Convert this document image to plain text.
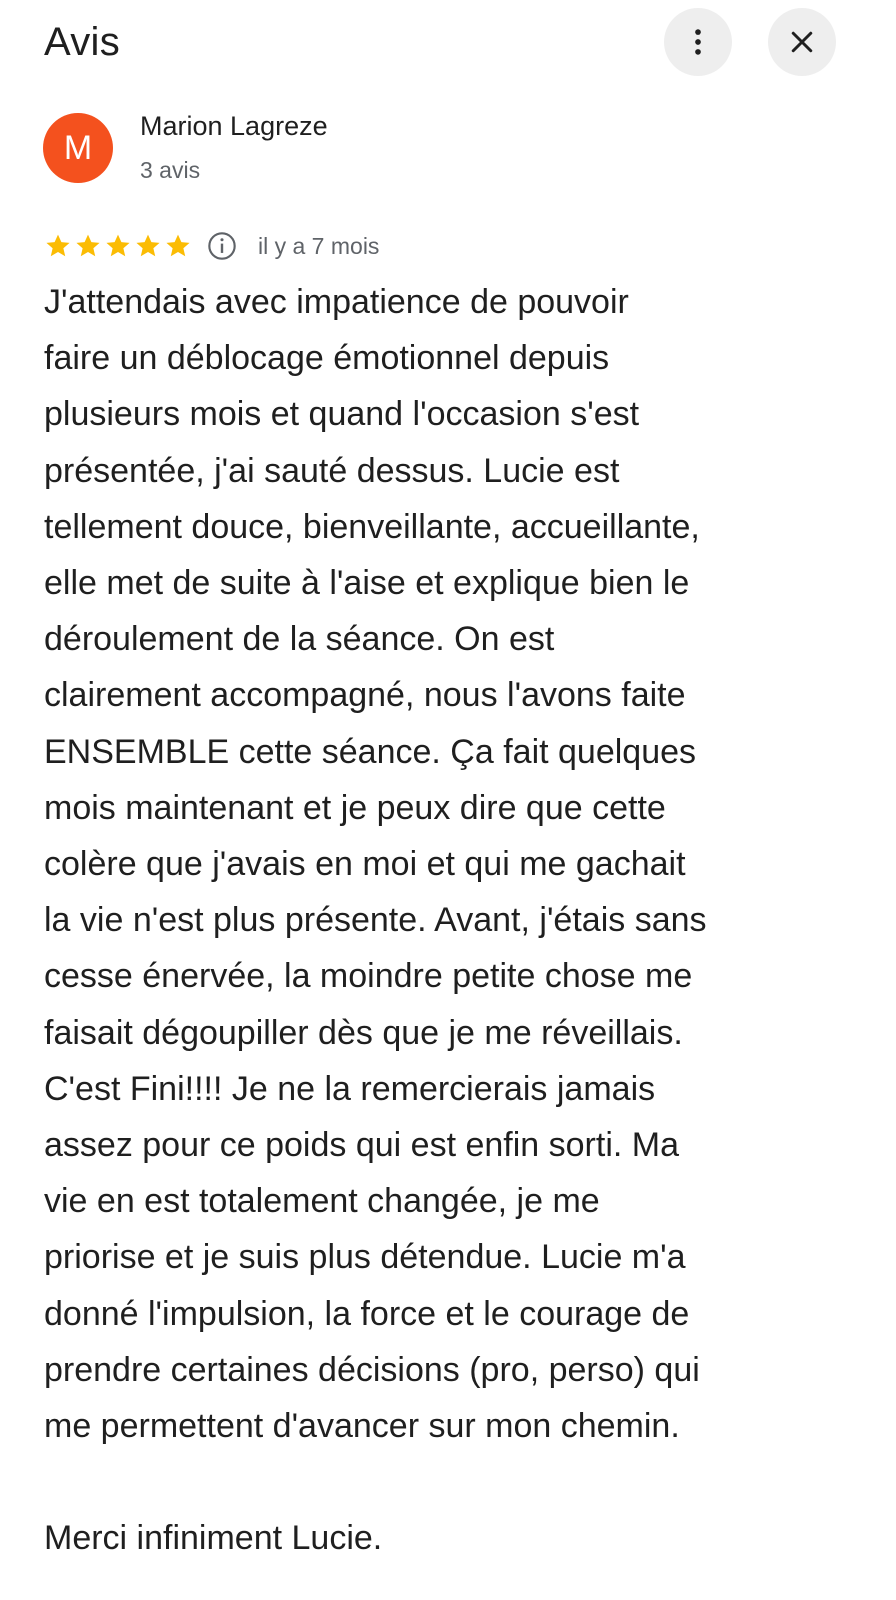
Avis
M
Marion Lagreze
3 avis
il y a 7 mois

J'attendais avec impatience de pouvoir
faire un déblocage émotionnel depuis
plusieurs mois et quand l'occasion s'est
présentée, j'ai sauté dessus. Lucie est
tellement douce, bienveillante, accueillante,
elle met de suite à l'aise et explique bien le
déroulement de la séance. On est
clairement accompagné, nous l'avons faite
ENSEMBLE cette séance. Ça fait quelques
mois maintenant et je peux dire que cette
colère que j'avais en moi et qui me gachait
la vie n'est plus présente. Avant, j'étais sans
cesse énervée, la moindre petite chose me
faisait dégoupiller dès que je me réveillais.
C'est Fini!!!! Je ne la remercierais jamais
assez pour ce poids qui est enfin sorti. Ma
vie en est totalement changée, je me
priorise et je suis plus détendue. Lucie m'a
donné l'impulsion, la force et le courage de
prendre certaines décisions (pro, perso) qui
me permettent d'avancer sur mon chemin.

Merci infiniment Lucie.
